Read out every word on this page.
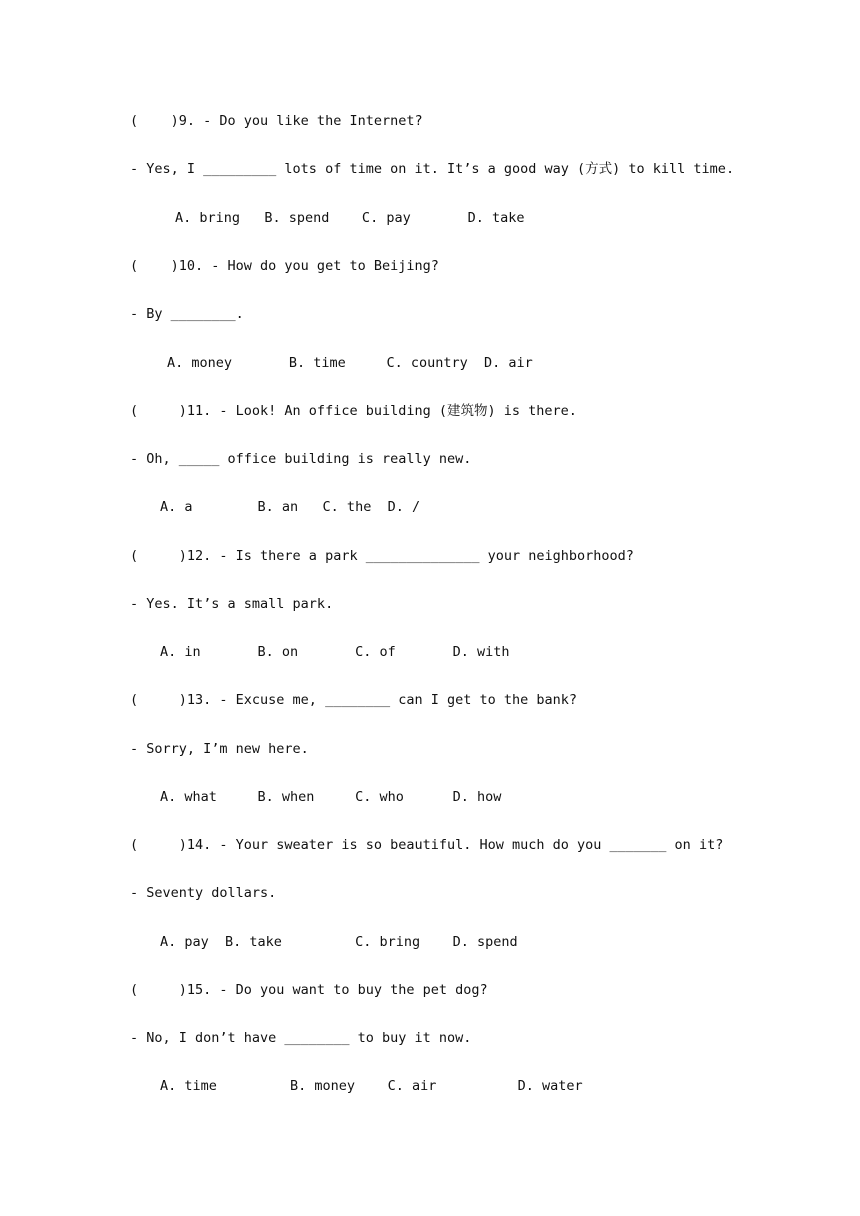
(    )9. - Do you like the Internet?
- Yes, I _________ lots of time on it. It’s a good way (方式) to kill time.
A. bring   B. spend    C. pay       D. take
(    )10. - How do you get to Beijing?
- By ________.
A. money       B. time     C. country  D. air
(     )11. - Look! An office building (建筑物) is there.
- Oh, _____ office building is really new.
A. a        B. an   C. the  D. /
(     )12. - Is there a park ______________ your neighborhood?
- Yes. It’s a small park.
A. in       B. on       C. of       D. with
(     )13. - Excuse me, ________ can I get to the bank?
- Sorry, I’m new here.
A. what     B. when     C. who      D. how
(     )14. - Your sweater is so beautiful. How much do you _______ on it?
- Seventy dollars.
A. pay  B. take         C. bring    D. spend
(     )15. - Do you want to buy the pet dog?
- No, I don’t have ________ to buy it now.
A. time         B. money    C. air          D. water
